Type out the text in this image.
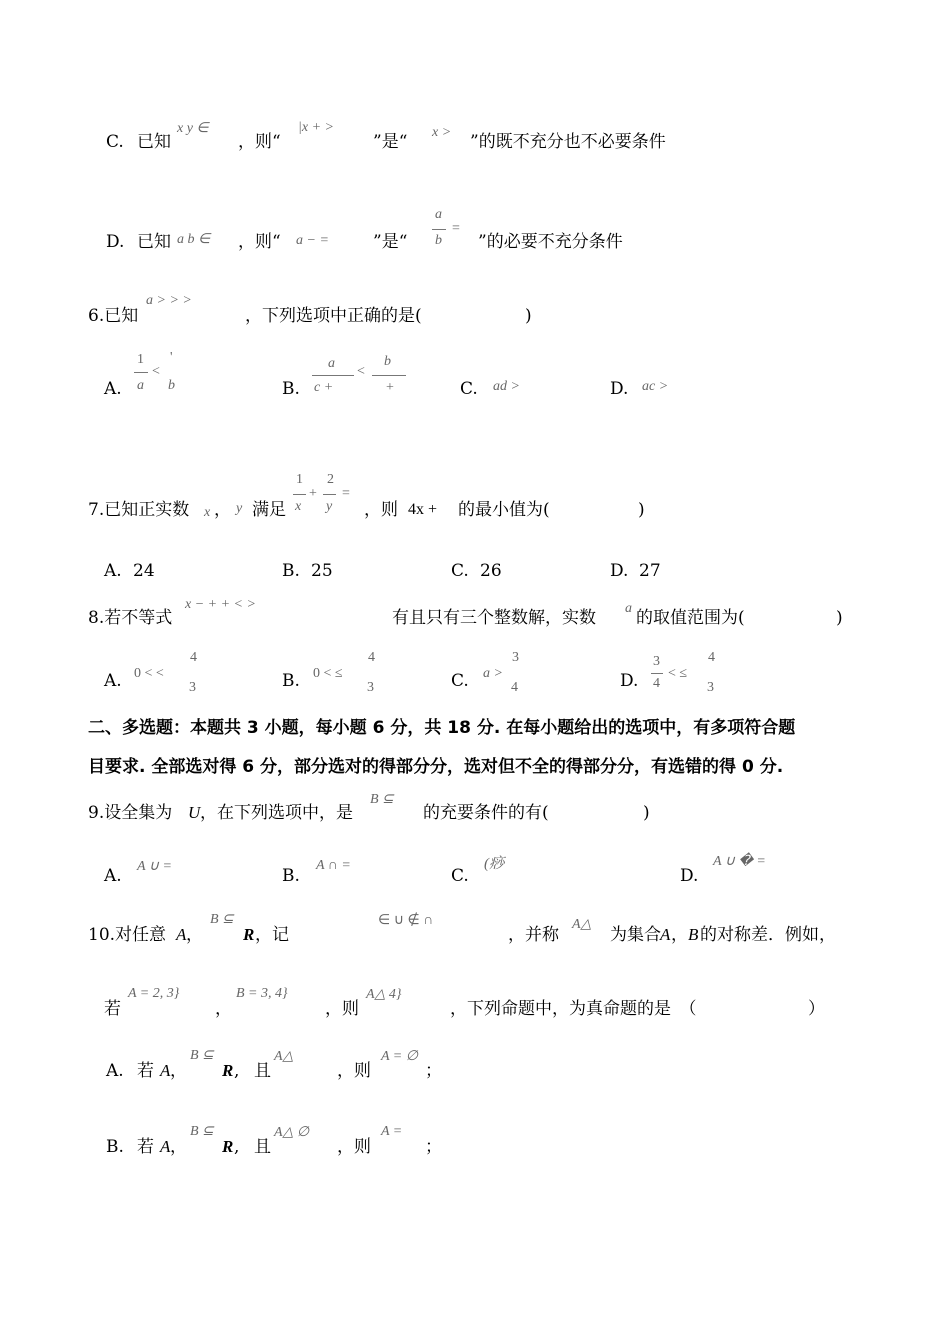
C. 已知
x y ∈
，则“
|x + >
”是“ x > ”的既不充分也不必要条件
D. 已知 a b ∈ ，则“ a − =	”是“
a
b
=
”的必要不充分条件
6.已知
a > > >
，下列选项中正确的是(	)
A.
1
a
<
'
b	B.
a
c +
<
b
+	C. ad >	D. ac >
7.已知正实数 x ， y 满足
1
x
+
2
y
=
，则 4x + 的最小值为(	)
A. 24	B. 25	C. 26	D. 27
8.若不等式
x − + + < >
有且只有三个整数解，实数 a 的取值范围为(	)
A. 0 < <
4
3	B. 0 < ≤
4
3	C. a >
3
4	D.
3
4
< ≤
4
3
二、多选题：本题共 3 小题，每小题 6 分，共 18 分. 在每小题给出的选项中，有多项符合题
目要求. 全部选对得 6 分，部分选对的得部分分，选对但不全的得部分分，有选错的得 0 分.
9.设全集为 U ，在下列选项中，是
B ⊆
的充要条件的有(	)
A. A ∪ =	B.
A ∩ =
C.
(痧
D.
A ∪ � =
10.对任意 A ，
B ⊆
R ，记
∈ ∪ ∉ ∩
，并称
A△
为集合 A ， B 的对称差．例如，
若
A = 2, 3}
，
B = 3, 4}
，则
A△ 4}
，下列命题中，为真命题的是　（	）
A. 若 A ，
B ⊆
R , 且
A△
，则
A = ∅
；
B. 若 A ，
B ⊆
R , 且
A△ ∅
，则
A =
；
